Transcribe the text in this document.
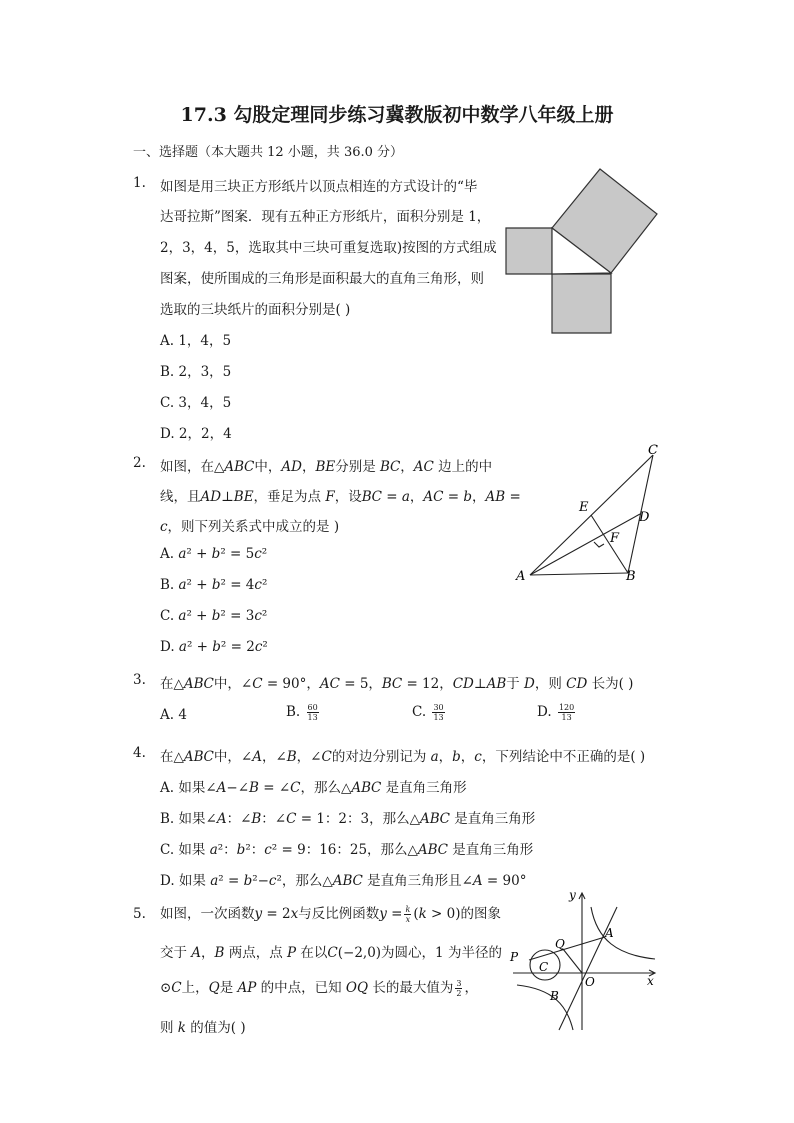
17.3 勾股定理同步练习冀教版初中数学八年级上册
一、选择题（本大题共 12 小题，共 36.0 分）
1. 如图是用三块正方形纸片以顶点相连的方式设计的“毕
达哥拉斯”图案．现有五种正方形纸片，面积分别是 1，
2，3，4，5，选取其中三块可重复选取)按图的方式组成
图案，使所围成的三角形是面积最大的直角三角形，则
选取的三块纸片的面积分别是( )
A. 1，4，5
B. 2，3，5
C. 3，4，5
D. 2，2，4
2. 如图，在△𝐴𝐵𝐶中，𝐴𝐷，𝐵𝐸分别是 𝐵𝐶，𝐴𝐶 边上的中
线，且𝐴𝐷⊥𝐵𝐸，垂足为点 𝐹，设𝐵𝐶 = 𝑎，𝐴𝐶 = 𝑏，𝐴𝐵 =
𝑐，则下列关系式中成立的是 )
A. 𝑎² + 𝑏² = 5𝑐²
B. 𝑎² + 𝑏² = 4𝑐²
C. 𝑎² + 𝑏² = 3𝑐²
D. 𝑎² + 𝑏² = 2𝑐²
C
E
D
F
A	B
3. 在△𝐴𝐵𝐶中，∠𝐶 = 90°，𝐴𝐶 = 5，𝐵𝐶 = 12，𝐶𝐷⊥𝐴𝐵于 𝐷，则 𝐶𝐷 长为( )
A. 4	B. $\frac{60}{13}$	C. $\frac{30}{13}$	D. $\frac{120}{13}$
4. 在△𝐴𝐵𝐶中，∠𝐴，∠𝐵，∠𝐶的对边分别记为 𝑎，𝑏，𝑐，下列结论中不正确的是( )
A. 如果∠𝐴−∠𝐵 = ∠𝐶，那么△𝐴𝐵𝐶 是直角三角形
B. 如果∠𝐴：∠𝐵：∠𝐶 = 1：2：3，那么△𝐴𝐵𝐶 是直角三角形
C. 如果 𝑎²：𝑏²：𝑐² = 9：16：25，那么△𝐴𝐵𝐶 是直角三角形
D. 如果 𝑎² = 𝑏²−𝑐²，那么△𝐴𝐵𝐶 是直角三角形且∠𝐴 = 90°
5. 如图，一次函数𝑦 = 2𝑥与反比例函数𝑦 = $\frac{\text{𝑘}}{\text{𝑥}}$ (𝑘 > 0)的图象
交于 𝐴，𝐵 两点，点 𝑃 在以𝐶(−2,0)为圆心，1 为半径的
⊙𝐶上，𝑄是 𝐴𝑃 的中点，已知 𝑂𝑄 长的最大值为 $\frac{3}{2}$ ，
则 𝑘 的值为( )
y
x
O
A
B
C
P
Q
